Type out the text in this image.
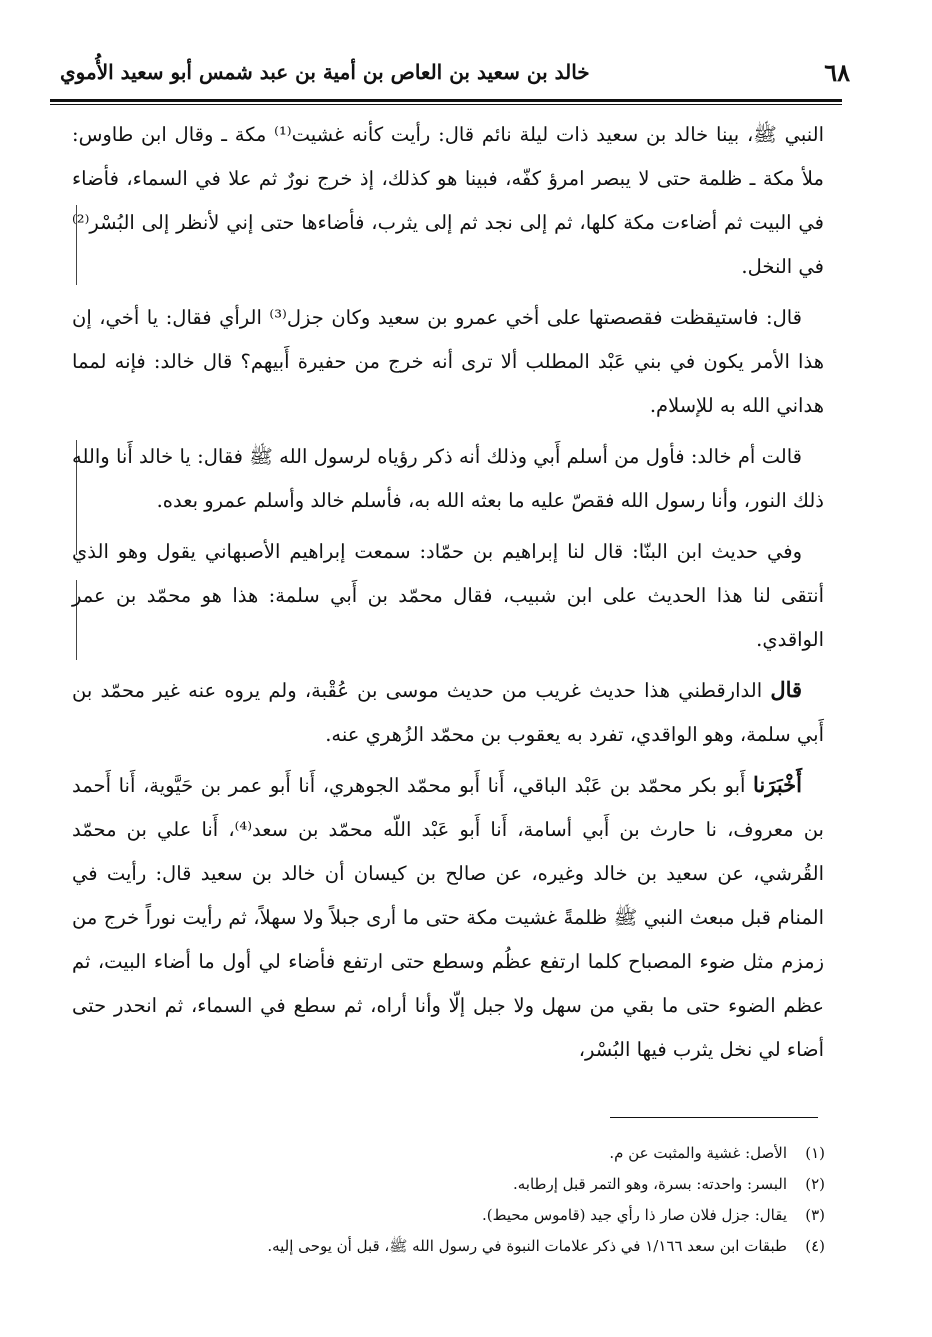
٦٨
خالد بن سعيد بن العاص بن أمية بن عبد شمس أبو سعيد الأُموي

النبي ﷺ، بينا خالد بن سعيد ذات ليلة نائم قال: رأيت كأنه غشيت⁽¹⁾ مكة ـ وقال ابن طاوس: ملأ مكة ـ ظلمة حتى لا يبصر امرؤ كفّه، فبينا هو كذلك، إذ خرج نورٌ ثم علا في السماء، فأضاء في البيت ثم أضاءت مكة كلها، ثم إلى نجد ثم إلى يثرب، فأضاءها حتى إني لأنظر إلى البُسْر⁽²⁾ في النخل.

قال: فاستيقظت فقصصتها على أخي عمرو بن سعيد وكان جزل⁽³⁾ الرأي فقال: يا أخي، إن هذا الأمر يكون في بني عَبْد المطلب ألا ترى أنه خرج من حفيرة أَبيهم؟ قال خالد: فإنه لمما هداني الله به للإسلام.

قالت أم خالد: فأول من أسلم أَبي وذلك أنه ذكر رؤياه لرسول الله ﷺ فقال: يا خالد أَنا والله ذلك النور، وأنا رسول الله فقصّ عليه ما بعثه الله به، فأسلم خالد وأسلم عمرو بعده.

وفي حديث ابن البنّا: قال لنا إبراهيم بن حمّاد: سمعت إبراهيم الأصبهاني يقول وهو الذي أنتقى لنا هذا الحديث على ابن شبيب، فقال محمّد بن أَبي سلمة: هذا هو محمّد بن عمر الواقدي.

قال الدارقطني هذا حديث غريب من حديث موسى بن عُقْبة، ولم يروه عنه غير محمّد بن أَبي سلمة، وهو الواقدي، تفرد به يعقوب بن محمّد الزُهري عنه.

أَخْبَرَنا أَبو بكر محمّد بن عَبْد الباقي، أَنا أَبو محمّد الجوهري، أَنا أَبو عمر بن حَيَّوية، أَنا أَحمد بن معروف، نا حارث بن أَبي أسامة، أَنا أَبو عَبْد اللّه محمّد بن سعد⁽⁴⁾، أَنا علي بن محمّد القُرشي، عن سعيد بن خالد وغيره، عن صالح بن كيسان أن خالد بن سعيد قال: رأيت في المنام قبل مبعث النبي ﷺ ظلمةً غشيت مكة حتى ما أرى جبلاً ولا سهلاً، ثم رأيت نوراً خرج من زمزم مثل ضوء المصباح كلما ارتفع عظُم وسطع حتى ارتفع فأضاء لي أول ما أضاء البيت، ثم عظم الضوء حتى ما بقي من سهل ولا جبل إلّا وأنا أراه، ثم سطع في السماء، ثم انحدر حتى أضاء لي نخل يثرب فيها البُسْر،

(١)الأصل: غشية والمثبت عن م.
(٢)البسر: واحدته: بسرة، وهو التمر قبل إرطابه.
(٣)يقال: جزل فلان صار ذا رأي جيد (قاموس محيط).
(٤)طبقات ابن سعد ١/١٦٦ في ذكر علامات النبوة في رسول الله ﷺ، قبل أن يوحى إليه.
